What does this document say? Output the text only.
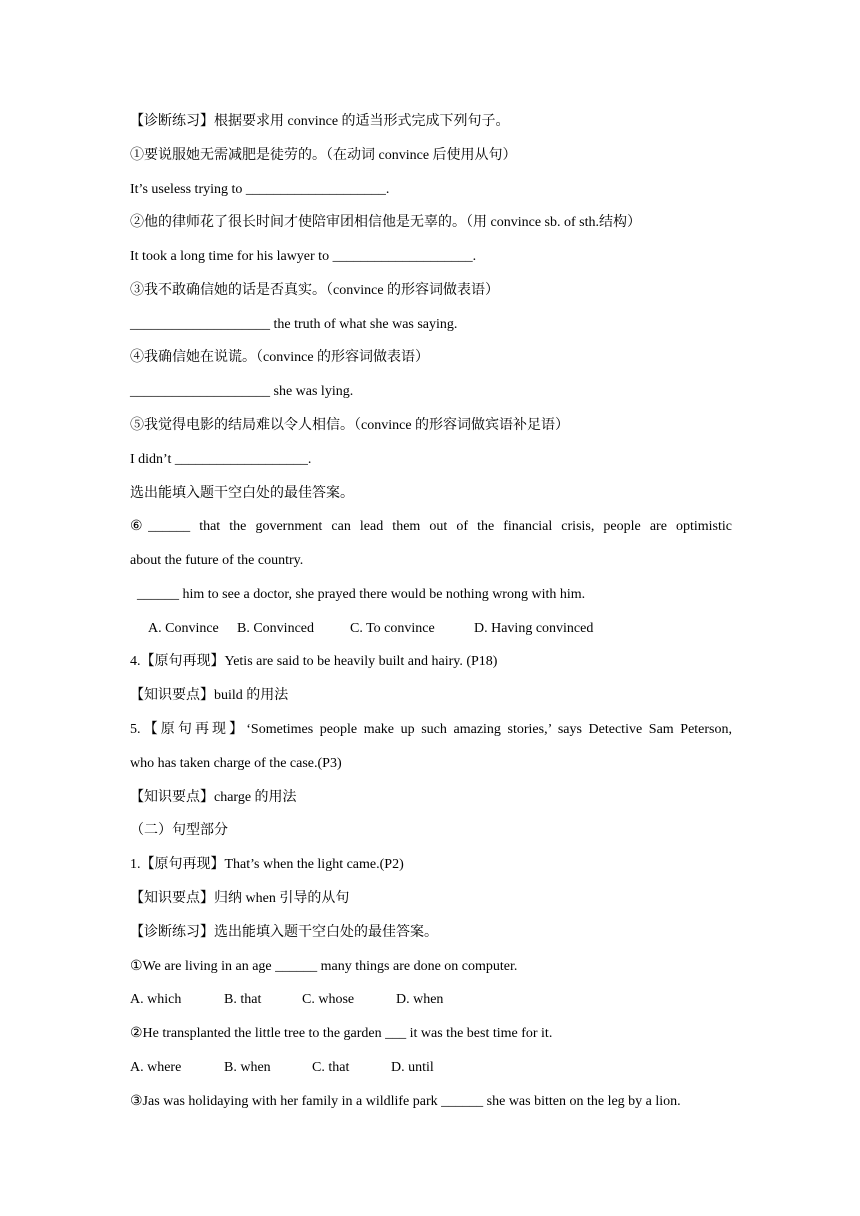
【诊断练习】根据要求用 convince 的适当形式完成下列句子。
①要说服她无需减肥是徒劳的。（在动词 convince 后使用从句）
It’s useless trying to ____________________.
②他的律师花了很长时间才使陪审团相信他是无辜的。（用 convince sb. of sth.结构）
It took a long time for his lawyer to ____________________.
③我不敢确信她的话是否真实。（convince 的形容词做表语）
____________________ the truth of what she was saying.
④我确信她在说谎。（convince 的形容词做表语）
____________________ she was lying.
⑤我觉得电影的结局难以令人相信。（convince 的形容词做宾语补足语）
I didn’t ___________________.
选出能填入题干空白处的最佳答案。
⑥______ that the government can lead them out of the financial crisis, people are optimistic
about the future of the country.
______ him to see a doctor, she prayed there would be nothing wrong with him.
A. Convince B. Convinced	C. To convince	D. Having convinced
4.【原句再现】Yetis are said to be heavily built and hairy. (P18)
【知识要点】build 的用法
5.【原句再现】‘Sometimes people make up such amazing stories,’ says Detective Sam Peterson,
who has taken charge of the case.(P3)
【知识要点】charge 的用法
（二）句型部分
1.【原句再现】That’s when the light came.(P2)
【知识要点】归纳 when 引导的从句
【诊断练习】选出能填入题干空白处的最佳答案。
①We are living in an age ______ many things are done on computer.
A. which	B. that	C. whose	D. when
②He transplanted the little tree to the garden ___ it was the best time for it.
A. where	B. when	C. that	D. until
③Jas was holidaying with her family in a wildlife park ______ she was bitten on the leg by a lion.
